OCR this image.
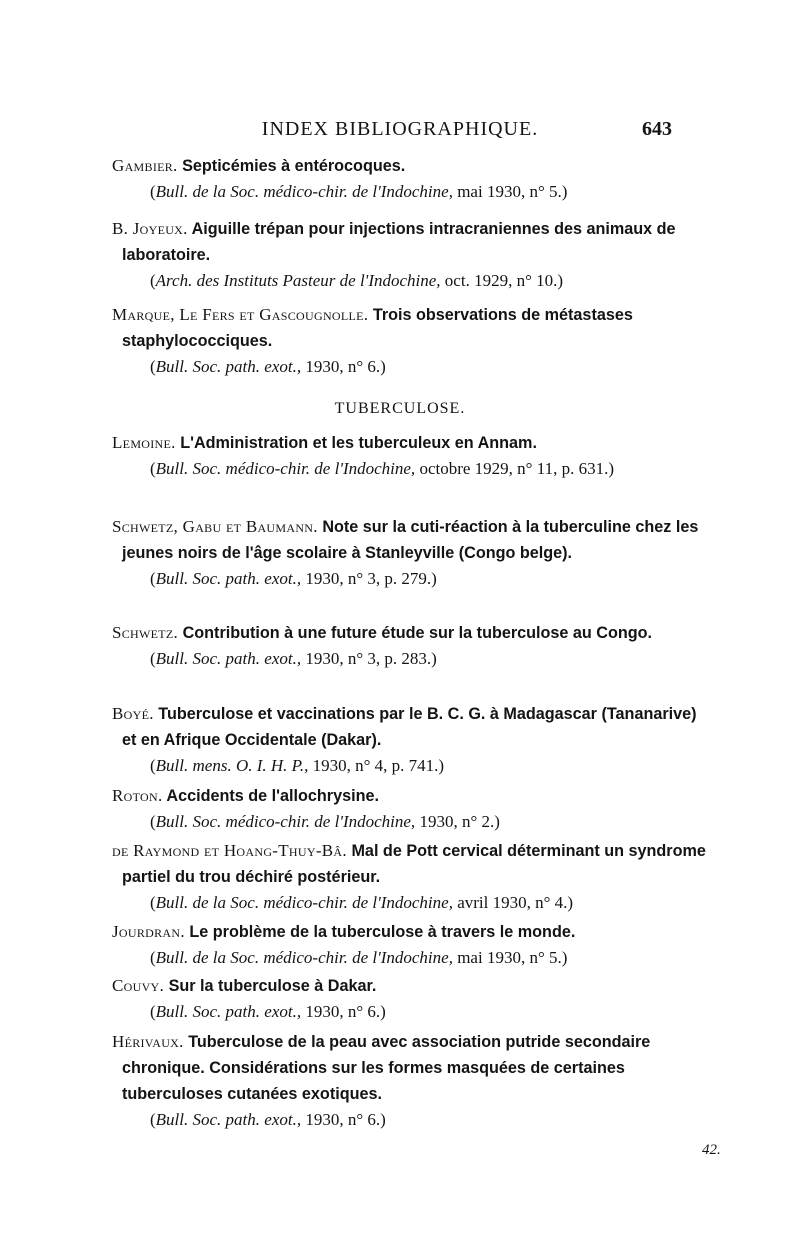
INDEX BIBLIOGRAPHIQUE.	643

Gambier. Septicémies à entérocoques.

(Bull. de la Soc. médico-chir. de l'Indochine, mai 1930, n° 5.)

B. Joyeux. Aiguille trépan pour injections intracraniennes des animaux de laboratoire.

(Arch. des Instituts Pasteur de l'Indochine, oct. 1929, n° 10.)

Marque, Le Fers et Gascougnolle. Trois observations de métastases staphylococciques.

(Bull. Soc. path. exot., 1930, n° 6.)

TUBERCULOSE.

Lemoine. L'Administration et les tuberculeux en Annam.

(Bull. Soc. médico-chir. de l'Indochine, octobre 1929, n° 11, p. 631.)

Schwetz, Gabu et Baumann. Note sur la cuti-réaction à la tuberculine chez les jeunes noirs de l'âge scolaire à Stanleyville (Congo belge).

(Bull. Soc. path. exot., 1930, n° 3, p. 279.)

Schwetz. Contribution à une future étude sur la tuberculose au Congo.

(Bull. Soc. path. exot., 1930, n° 3, p. 283.)

Boyé. Tuberculose et vaccinations par le B. C. G. à Madagascar (Tananarive) et en Afrique Occidentale (Dakar).

(Bull. mens. O. I. H. P., 1930, n° 4, p. 741.)

Roton. Accidents de l'allochrysine.

(Bull. Soc. médico-chir. de l'Indochine, 1930, n° 2.)

de Raymond et Hoang-Thuy-Bâ. Mal de Pott cervical déterminant un syndrome partiel du trou déchiré postérieur.

(Bull. de la Soc. médico-chir. de l'Indochine, avril 1930, n° 4.)

Jourdran. Le problème de la tuberculose à travers le monde.

(Bull. de la Soc. médico-chir. de l'Indochine, mai 1930, n° 5.)

Couvy. Sur la tuberculose à Dakar.

(Bull. Soc. path. exot., 1930, n° 6.)

Hérivaux. Tuberculose de la peau avec association putride secondaire chronique. Considérations sur les formes masquées de certaines tuberculoses cutanées exotiques.

(Bull. Soc. path. exot., 1930, n° 6.)

42.
